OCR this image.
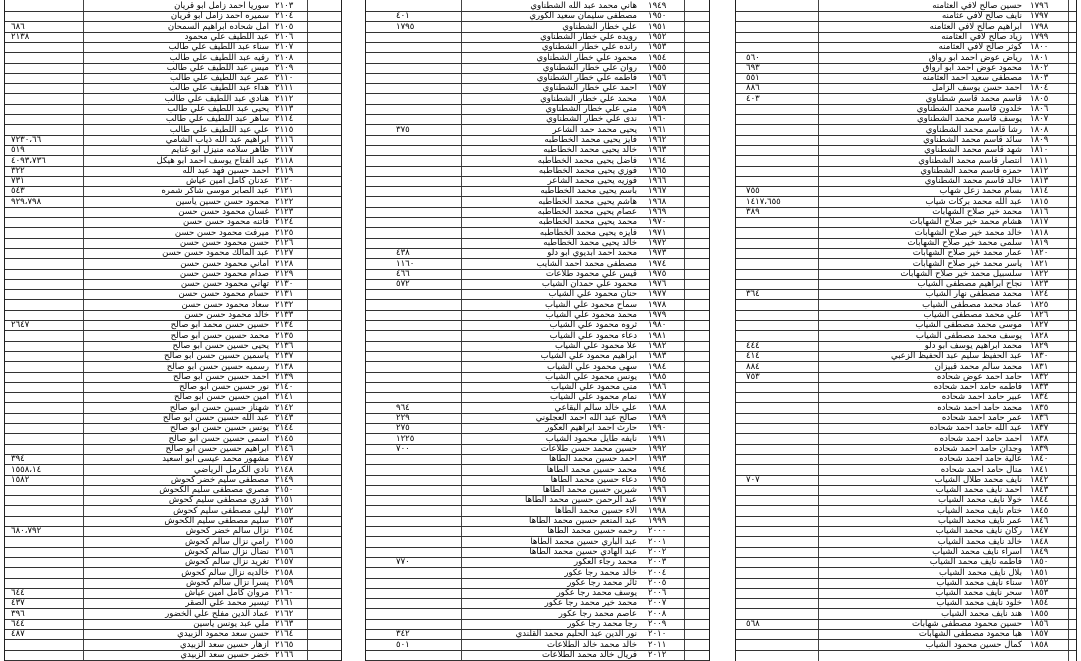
حسين صالح لافي العثامنه ١٧٩٦
نايف صالح لافي عثامنه ١٧٩٧
ابراهيم صالح لافي العثامنه ١٧٩٨
زياد صالح لافي العثامنه ١٧٩٩
كوثر صالح لافي العثامنه ١٨٠٠
٥٦٠	رياض عوض احمد ابو رواق ١٨٠١
٦٩٣	محمود عوض احمد ابو ارواق ١٨٠٢
٥٥١	مصطفى سعيد احمد العثامنه ١٨٠٣
٨٨٦	احمد حسن يوسف الزامل ١٨٠٤
٤٠٣	قاسم محمد قاسم شطناوي ١٨٠٥
خلدون قاسم محمد الشطناوي ١٨٠٦
يوسف قاسم محمد الشطناوي ١٨٠٧
رشا قاسم محمد الشطناوي ١٨٠٨
سائد قاسم محمد الشطناوي ١٨٠٩
شهد قاسم محمد الشطناوي ١٨١٠
انتصار قاسم محمد الشطناوي ١٨١١
حمزه قاسم محمد الشطناوي ١٨١٢
خالد قاسم محمد الشطناوي ١٨١٣
٧٥٥	بسام محمد زعل شهاب ١٨١٤
١٤١٧،٦٥٥	عبد الله محمد بركات شياب ١٨١٥
٣٨٩	محمد خير صلاح الشهابات ١٨١٦
هشام محمد خير صلاح الشهابات ١٨١٧
خالد محمد خير صلاح الشهابات ١٨١٨
سلمى محمد خير صلاح الشهابات ١٨١٩
عمار محمد خير صلاح الشهابات ١٨٢٠
ياسر محمد خير صلاح الشهابات ١٨٢١
سلسبيل محمد خير صلاح الشهابات ١٨٢٢
نجاح ابراهيم مصطفى الشياب ١٨٢٣
٣٦٤	محمد مصطفى نهار الشياب ١٨٢٤
عماد محمد مصطفى الشياب ١٨٢٥
علي محمد مصطفى الشياب ١٨٢٦
موسى محمد مصطفى الشياب ١٨٢٧
يوسف محمد مصطفى الشياب ١٨٢٨
٤٤٤	محمد ابراهيم يوسف ابو دلو ١٨٢٩
٤١٤	عبد الحفيظ سليم عبد الحفيظ الزعبي ١٨٣٠
٨٨٤	محمد سالم محمد قبيزان ١٨٣١
٧٥٣	حامد احمد عوض شحاده ١٨٣٢
فاطمه حامد احمد شحاده ١٨٣٣
عبير حامد احمد شحاده ١٨٣٤
محمد حامد احمد شحاده ١٨٣٥
عمر حامد احمد شحاده ١٨٣٦
عبد الله حامد احمد شحاده ١٨٣٧
احمد حامد احمد شحاده ١٨٣٨
وجدان حامد احمد شحاده ١٨٣٩
عالية حامد احمد شحاده ١٨٤٠
منال حامد احمد شحاده ١٨٤١
٧٠٧	نايف محمد طلال الشياب ١٨٤٢
احمد نايف محمد الشياب ١٨٤٣
خولا نايف محمد الشياب ١٨٤٤
ختام نايف محمد الشياب ١٨٤٥
عمر نايف محمد الشياب ١٨٤٦
ركان نايف محمد الشياب ١٨٤٧
خالد نايف محمد الشياب ١٨٤٨
اسراء نايف محمد الشياب ١٨٤٩
فاطمه نايف محمد الشياب ١٨٥٠
بلال نايف محمد الشياب ١٨٥١
سناء نايف محمد الشياب ١٨٥٢
سحر نايف محمد الشياب ١٨٥٣
خلود نايف محمد الشياب ١٨٥٤
هند نايف محمد الشياب ١٨٥٥
٥٦٨	حسين محمود مصطفى شهابات ١٨٥٦
هبا محمود مصطفى الشهابات ١٨٥٧
كمال حسين محمود الشياب ١٨٥٨
هاني محمد عبد الله الشطناوي ١٩٤٩
٤٠١	مصطفى سليمان سعيد الكوري ١٩٥٠
١٧٩٥	علي خطار الشطناوي ١٩٥١
رويده علي خطار الشطناوي ١٩٥٢
رانده علي خطار الشطناوي ١٩٥٣
محمود علي خطار الشطناوي ١٩٥٤
روان علي خطار الشطناوي ١٩٥٥
فاطمه علي خطار الشطناوي ١٩٥٦
احمد علي خطار الشطناوي ١٩٥٧
محمد علي خطار الشطناوي ١٩٥٨
منى علي خطار الشطناوي ١٩٥٩
ندى علي خطار الشطناوي ١٩٦٠
٣٧٥	يحيى محمد حمد الشاعر ١٩٦١
فايز يحيى محمد الخطاطبه ١٩٦٢
خالد يحيى محمد الخطاطبه ١٩٦٣
فاضل يحيى محمد الخطاطبه ١٩٦٤
فوزي يحيى محمد الخطاطبه ١٩٦٥
فوزيه يحيى محمد الشاعر ١٩٦٦
باسم يحيى محمد الخطاطبه ١٩٦٧
هاشم يحيى محمد الخطاطبه ١٩٦٨
عصام يحيى محمد الخطاطبه ١٩٦٩
محمد يحيى محمد الخطاطبه ١٩٧٠
فايزه يحيى محمد الخطاطبه ١٩٧١
خالد يحيى محمد الخطاطبه ١٩٧٢
٤٣٨	محمد احمد ابديوي ابو دلو ١٩٧٣
١١٦٠	مصطفى محمد احمد الشايب ١٩٧٤
٤٦٦	قيس علي محمود طلاعات ١٩٧٥
٥٧٢	محمود علي حمدان الشياب ١٩٧٦
حنان محمود علي الشياب ١٩٧٧
سماح محمود علي الشياب ١٩٧٨
محمد محمود علي الشياب ١٩٧٩
ثروه محمود علي الشياب ١٩٨٠
دعاء محمود علي الشياب ١٩٨١
علا محمود علي الشياب ١٩٨٢
ابراهيم محمود علي الشياب ١٩٨٣
سهى محمود علي الشياب ١٩٨٤
يونس محمود علي الشياب ١٩٨٥
منى محمود علي الشياب ١٩٨٦
نمام محمود علي الشياب ١٩٨٧
٩٦٤	علي خالد سالم البقاعي ١٩٨٨
٢٢٩	صالح عبد الله احمد العجلوني ١٩٨٩
٢٧٥	حارث احمد ابراهيم العكور ١٩٩٠
١٢٢٥	نايفه طايل محمود الشياب ١٩٩١
٧٠٠	حسين محمد حسن طلاعات ١٩٩٢
احمد حسين محمد الطاها ١٩٩٣
محمد حسين محمد الطاها ١٩٩٤
دعاء حسين محمد الطاها ١٩٩٥
شيرين حسين محمد الطاها ١٩٩٦
عبد الرحمن حسين محمد الطاها ١٩٩٧
الاء حسين محمد الطاها ١٩٩٨
عبد المنعم حسين محمد الطاها ١٩٩٩
رحمه حسين محمد الطاها ٢٠٠٠
عبد الباري حسين محمد الطاها ٢٠٠١
عبد الهادي حسين محمد الطاها ٢٠٠٢
٧٧٠	محمد رجاء العكور ٢٠٠٣
خالد محمد رجا عكور ٢٠٠٤
ثائر محمد رجا عكور ٢٠٠٥
يوسف محمد رجا عكور ٢٠٠٦
محمد خير محمد رجا عكور ٢٠٠٧
عاصم محمد رجا عكور ٢٠٠٨
رجا محمد رجا عكور ٢٠٠٩
٣٤٢	نور الدين عبد الحليم محمد القلندي ٢٠١٠
٥٠١	خالد محمد خالد الطلاعات ٢٠١١
فريال خالد محمد الطلاعات ٢٠١٢
سوريا احمد زامل ابو قريان ٢١٠٣
سميره احمد زامل ابو قريان ٢١٠٤
٦٨٦	امل شحاده ابراهيم السمحان ٢١٠٥
٢١٣٨	عبد اللطيف علي محمود ٢١٠٦
سناء عبد اللطيف علي طالب ٢١٠٧
رقيه عبد اللطيف علي طالب ٢١٠٨
ميس عبد اللطيف علي طالب ٢١٠٩
عمر عبد اللطيف علي طالب ٢١١٠
هداء عبد اللطيف علي طالب ٢١١١
هنادي عبد اللطيف علي طالب ٢١١٢
يحيى عبد اللطيف علي طالب ٢١١٣
ساهر عبد اللطيف علي طالب ٢١١٤
علي عبد اللطيف علي طالب ٢١١٥
٧٢٣٠،٦٦	ابراهيم عبد الله ذياب الشامي ٢١١٦
٥١٩	ظاهر سلامه منيزل ابو غنايم ٢١١٧
٤٠٩٣،٧٣٦	عبد الفتاح يوسف احمد ابو هيكل ٢١١٨
٣٢٢	احمد حسين فهد عبد الله ٢١١٩
٧٣١	عدنان كامل امين عياش ٢١٢٠
٥٤٣	عبد الصابر موسى شاكر شمره ٢١٢١
٩٢٩،٧٩٨	محمود حسن حسين ياسين ٢١٢٢
غسان محمود حسن حسن ٢١٢٣
فاتنه محمود حسن حسن ٢١٢٤
ميرفت محمود حسن حسن ٢١٢٥
حسن محمود حسن حسن ٢١٢٦
عبد المالك محمود حسن حسن ٢١٢٧
اماني محمود حسن حسن ٢١٢٨
صدام محمود حسن حسن ٢١٢٩
تهاني محمود حسن حسن ٢١٣٠
حسام محمود حسن حسن ٢١٣١
سعاد محمود حسن حسن ٢١٣٢
خالد محمود حسن حسن ٢١٣٣
٢٦٤٧	حسين حسن محمد ابو صالح ٢١٣٤
محمد حسين حسن ابو صالح ٢١٣٥
يحيى حسين حسن ابو صالح ٢١٣٦
ياسمين حسين حسن ابو صالح ٢١٣٧
رسميه حسين حسن ابو صالح ٢١٣٨
احمد حسين حسن ابو صالح ٢١٣٩
نور حسين حسن ابو صالح ٢١٤٠
امين حسين حسن ابو صالح ٢١٤١
شهناز حسين حسن ابو صالح ٢١٤٢
عبد الله حسين حسن ابو صالح ٢١٤٣
يونس حسين حسن ابو صالح ٢١٤٤
اسمى حسين حسن ابو صالح ٢١٤٥
ابراهيم حسين حسن ابو صالح ٢١٤٦
٣٩٤	مشهور محمد عيسى ابو اسعيد ٢١٤٧
١٥٥٨،١٤	نادي الكرمل الرياضي ٢١٤٨
١٥٨٢	مصطفى سليم خضر كحوش ٢١٤٩
مصري مصطفى سليم الكحوش ٢١٥٠
قدري مصطفى سليم كحوش ٢١٥١
ليلى مصطفى سليم كحوش ٢١٥٢
سليم مصطفى سليم الكحوش ٢١٥٣
٦٨٠،٧٩٢	نزال سالم خضر كحوش ٢١٥٤
رامي نزال سالم كحوش ٢١٥٥
نضال نزال سالم كحوش ٢١٥٦
تغريد نزال سالم كحوش ٢١٥٧
خالديه نزال سالم كحوش ٢١٥٨
يسرا نزال سالم كحوش ٢١٥٩
٦٤٤	مروان كامل امين عياش ٢١٦٠
٤٣٧	تيسير محمد علي الصقر ٢١٦١
٣٩٦	عماد الدين مفلح علي الخضور ٢١٦٢
٦٤٤	ملي عبد يونس ياسين ٢١٦٣
٤٨٧	حسن سعد محمود الزبيدي ٢١٦٤
ازهار حسين سعد الزبيدي ٢١٦٥
خضر حسين سعد الزبيدي ٢١٦٦
